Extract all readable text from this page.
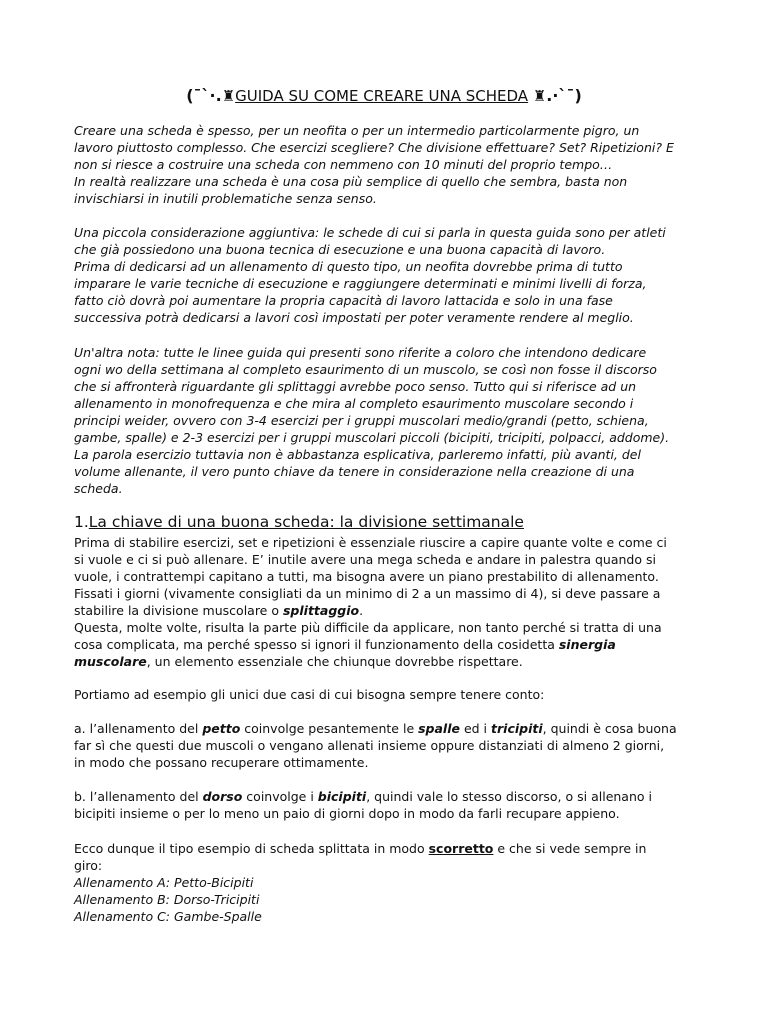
(¯`·.♜GUIDA SU COME CREARE UNA SCHEDA ♜.·`¯)
Creare una scheda è spesso, per un neofita o per un intermedio particolarmente pigro, un
lavoro piuttosto complesso. Che esercizi scegliere? Che divisione effettuare? Set? Ripetizioni? E
non si riesce a costruire una scheda con nemmeno con 10 minuti del proprio tempo…
In realtà realizzare una scheda è una cosa più semplice di quello che sembra, basta non
invischiarsi in inutili problematiche senza senso.
Una piccola considerazione aggiuntiva: le schede di cui si parla in questa guida sono per atleti
che già possiedono una buona tecnica di esecuzione e una buona capacità di lavoro.
Prima di dedicarsi ad un allenamento di questo tipo, un neofita dovrebbe prima di tutto
imparare le varie tecniche di esecuzione e raggiungere determinati e minimi livelli di forza,
fatto ciò dovrà poi aumentare la propria capacità di lavoro lattacida e solo in una fase
successiva potrà dedicarsi a lavori così impostati per poter veramente rendere al meglio.
Un'altra nota: tutte le linee guida qui presenti sono riferite a coloro che intendono dedicare
ogni wo della settimana al completo esaurimento di un muscolo, se così non fosse il discorso
che si affronterà riguardante gli splittaggi avrebbe poco senso. Tutto qui si riferisce ad un
allenamento in monofrequenza e che mira al completo esaurimento muscolare secondo i
principi weider, ovvero con 3-4 esercizi per i gruppi muscolari medio/grandi (petto, schiena,
gambe, spalle) e 2-3 esercizi per i gruppi muscolari piccoli (bicipiti, tricipiti, polpacci, addome).
La parola esercizio tuttavia non è abbastanza esplicativa, parleremo infatti, più avanti, del
volume allenante, il vero punto chiave da tenere in considerazione nella creazione di una
scheda.
1.La chiave di una buona scheda: la divisione settimanale
Prima di stabilire esercizi, set e ripetizioni è essenziale riuscire a capire quante volte e come ci
si vuole e ci si può allenare. E’ inutile avere una mega scheda e andare in palestra quando si
vuole, i contrattempi capitano a tutti, ma bisogna avere un piano prestabilito di allenamento.
Fissati i giorni (vivamente consigliati da un minimo di 2 a un massimo di 4), si deve passare a
stabilire la divisione muscolare o splittaggio.
Questa, molte volte, risulta la parte più difficile da applicare, non tanto perché si tratta di una
cosa complicata, ma perché spesso si ignori il funzionamento della cosidetta sinergia
muscolare, un elemento essenziale che chiunque dovrebbe rispettare.
Portiamo ad esempio gli unici due casi di cui bisogna sempre tenere conto:
a. l’allenamento del petto coinvolge pesantemente le spalle ed i tricipiti, quindi è cosa buona
far sì che questi due muscoli o vengano allenati insieme oppure distanziati di almeno 2 giorni,
in modo che possano recuperare ottimamente.
b. l’allenamento del dorso coinvolge i bicipiti, quindi vale lo stesso discorso, o si allenano i
bicipiti insieme o per lo meno un paio di giorni dopo in modo da farli recupare appieno.
Ecco dunque il tipo esempio di scheda splittata in modo scorretto e che si vede sempre in
giro:
Allenamento A: Petto-Bicipiti
Allenamento B: Dorso-Tricipiti
Allenamento C: Gambe-Spalle
